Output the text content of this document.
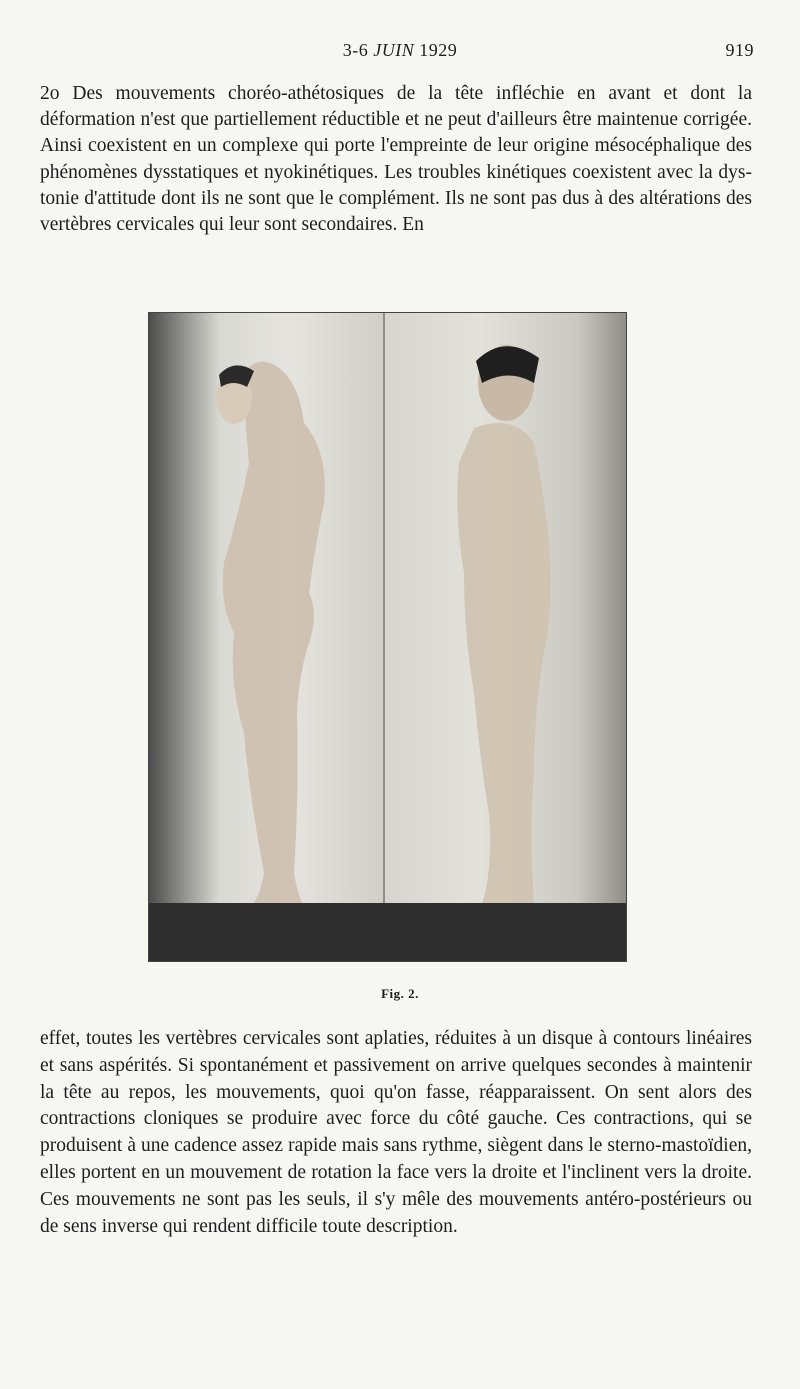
3-6 JUIN 1929	919

2o Des mouvements choréo-athétosiques de la tête infléchie en avant et dont la déformation n'est que partiellement réductible et ne peut d'ailleurs être maintenue corrigée. Ainsi coexistent en un complexe qui porte l'empreinte de leur origine mésocéphalique des phénomènes dysstatiques et nyokinétiques. Les troubles kinétiques coexistent avec la dystonie d'attitude dont ils ne sont que le complément. Ils ne sont pas dus à des altérations des vertèbres cervicales qui leur sont secondaires. En

Fig. 2.

effet, toutes les vertèbres cervicales sont aplaties, réduites à un disque à contours linéaires et sans aspérités. Si spontanément et passivement on arrive quelques secondes à maintenir la tête au repos, les mouvements, quoi qu'on fasse, réapparaissent. On sent alors des contractions cloniques se produire avec force du côté gauche. Ces contractions, qui se produisent à une cadence assez rapide mais sans rythme, siègent dans le sterno-mastoïdien, elles portent en un mouvement de rotation la face vers la droite et l'inclinent vers la droite. Ces mouvements ne sont pas les seuls, il s'y mêle des mouvements antéro-postérieurs ou de sens inverse qui rendent difficile toute description.
